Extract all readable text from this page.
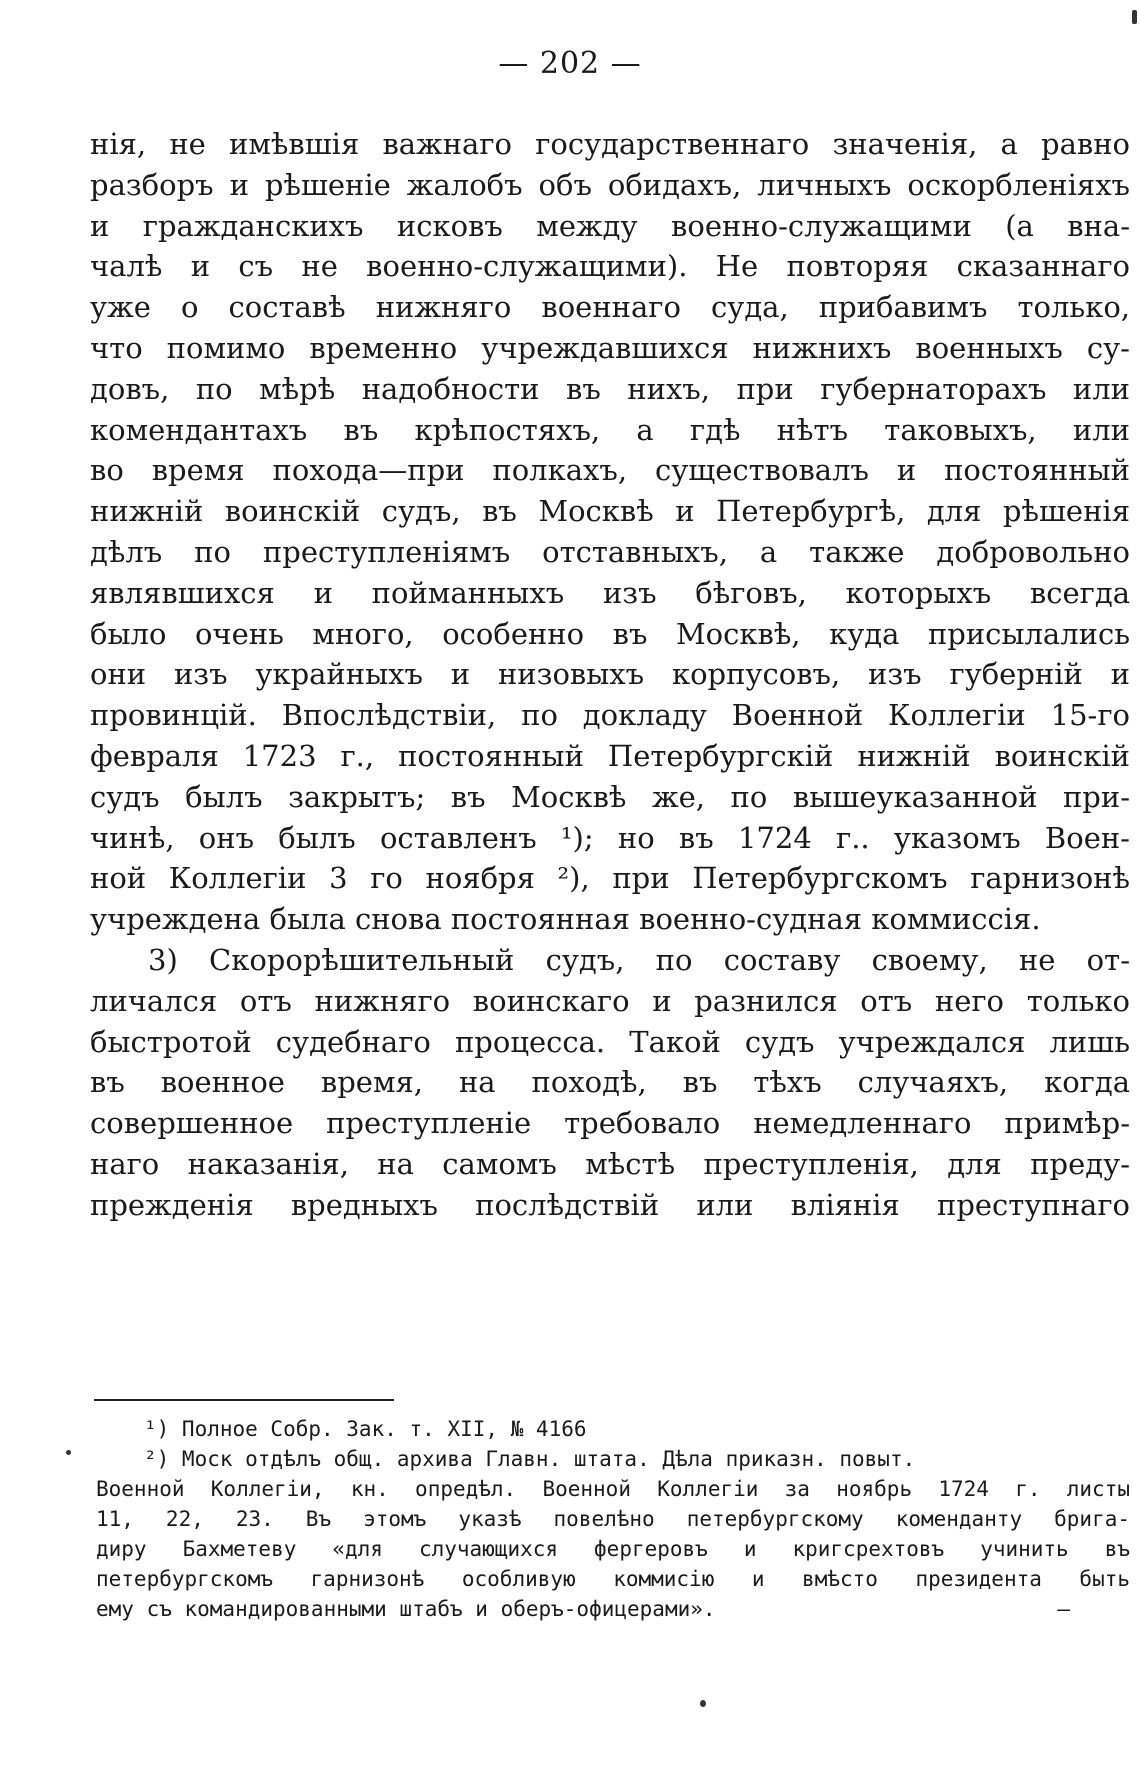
— 202 —
нія, не имѣвшія важнаго государственнаго значенія, а равно
разборъ и рѣшеніе жалобъ объ обидахъ, личныхъ оскорбленіяхъ
и гражданскихъ исковъ между военно-служащими (а вна-
чалѣ и съ не военно-служащими). Не повторяя сказаннаго
уже о составѣ нижняго военнаго суда, прибавимъ только,
что помимо временно учреждавшихся нижнихъ военныхъ су-
довъ, по мѣрѣ надобности въ нихъ, при губернаторахъ или
комендантахъ въ крѣпостяхъ, а гдѣ нѣтъ таковыхъ, или
во время похода—при полкахъ, существовалъ и постоянный
нижній воинскій судъ, въ Москвѣ и Петербургѣ, для рѣшенія
дѣлъ по преступленіямъ отставныхъ, а также добровольно
являвшихся и пойманныхъ изъ бѣговъ, которыхъ всегда
было очень много, особенно въ Москвѣ, куда присылались
они изъ украйныхъ и низовыхъ корпусовъ, изъ губерній и
провинцій. Впослѣдствіи, по докладу Военной Коллегіи 15-го
февраля 1723 г., постоянный Петербургскій нижній воинскій
судъ былъ закрытъ; въ Москвѣ же, по вышеуказанной при-
чинѣ, онъ былъ оставленъ ¹); но въ 1724 г.. указомъ Воен-
ной Коллегіи 3 го ноября ²), при Петербургскомъ гарнизонѣ
учреждена была снова постоянная военно-судная коммиссія.
3) Скорорѣшительный судъ, по составу своему, не от-
личался отъ нижняго воинскаго и разнился отъ него только
быстротой судебнаго процесса. Такой судъ учреждался лишь
въ военное время, на походѣ, въ тѣхъ случаяхъ, когда
совершенное преступленіе требовало немедленнаго примѣр-
наго наказанія, на самомъ мѣстѣ преступленія, для преду-
прежденія вредныхъ послѣдствій или вліянія преступнаго
¹) Полное Собр. Зак. т. XII, № 4166
²) Моск отдѣлъ общ. архива Главн. штата. Дѣла приказн. повыт.
Военной Коллегіи, кн. опредѣл. Военной Коллегіи за ноябрь 1724 г. листы
11, 22, 23. Въ этомъ указѣ повелѣно петербургскому коменданту брига-
диру Бахметеву «для случающихся фергеровъ и кригсрехтовъ учинить въ
петербургскомъ гарнизонѣ особливую коммисію и вмѣсто президента быть
ему съ командированными штабъ и оберъ-офицерами».	–
